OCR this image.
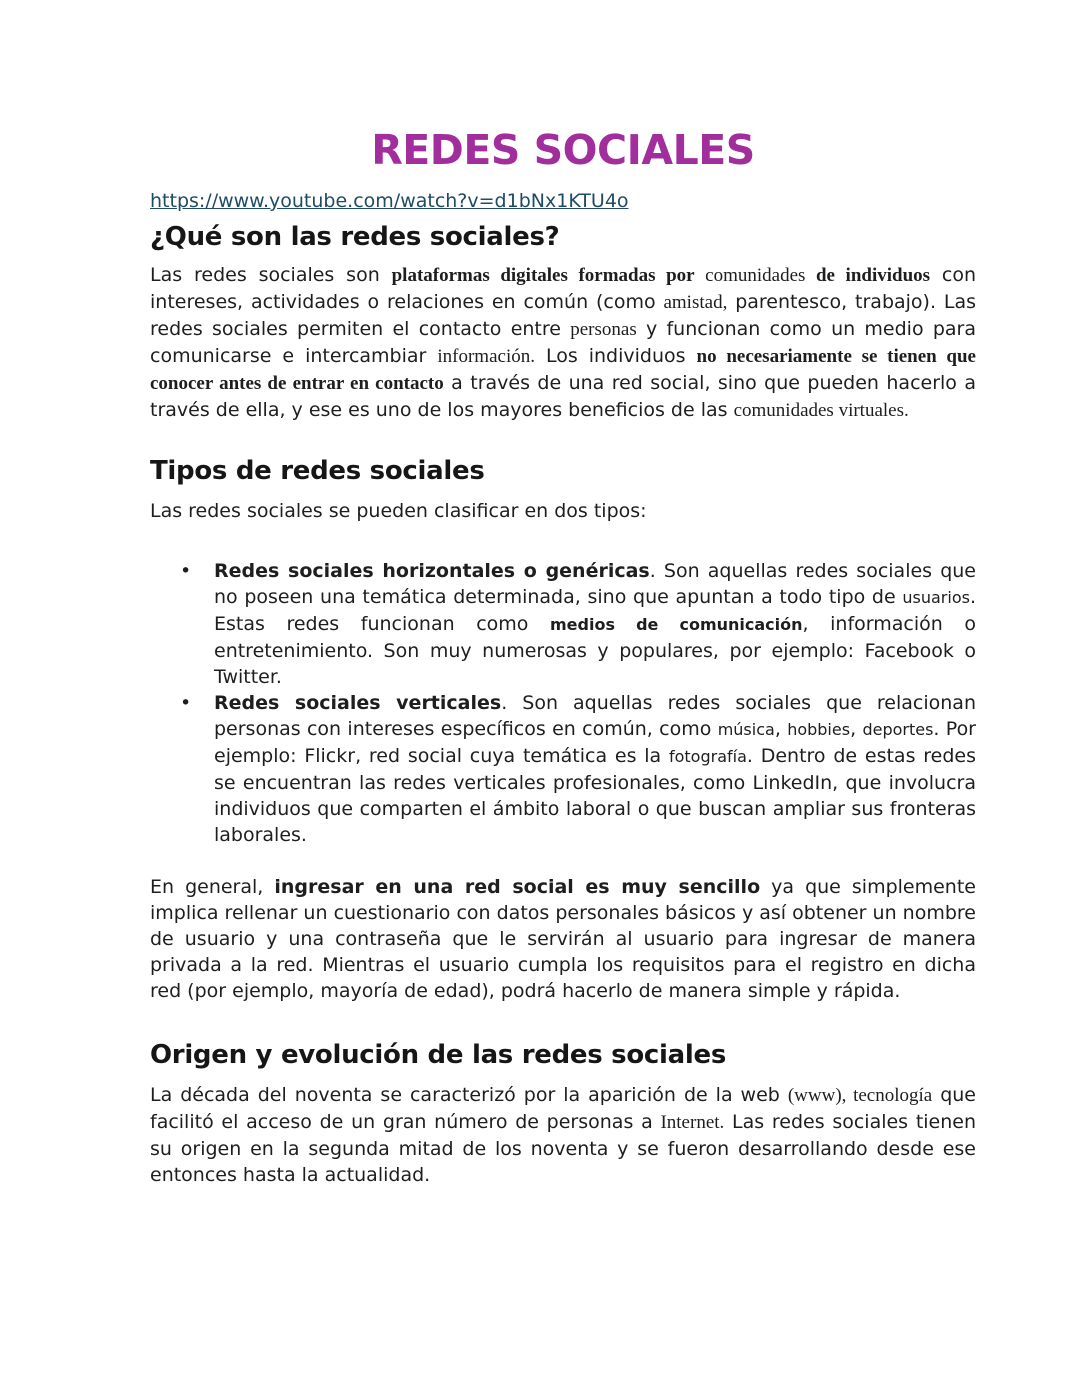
REDES SOCIALES
https://www.youtube.com/watch?v=d1bNx1KTU4o
¿Qué son las redes sociales?

Las redes sociales son plataformas digitales formadas por comunidades de individuos con intereses, actividades o relaciones en común (como amistad, parentesco, trabajo). Las redes sociales permiten el contacto entre personas y funcionan como un medio para comunicarse e intercambiar información. Los individuos no necesariamente se tienen que conocer antes de entrar en contacto a través de una red social, sino que pueden hacerlo a través de ella, y ese es uno de los mayores beneficios de las comunidades virtuales.

Tipos de redes sociales

Las redes sociales se pueden clasificar en dos tipos:

• Redes sociales horizontales o genéricas. Son aquellas redes sociales que no poseen una temática determinada, sino que apuntan a todo tipo de usuarios. Estas redes funcionan como medios de comunicación, información o entretenimiento. Son muy numerosas y populares, por ejemplo: Facebook o Twitter.
• Redes sociales verticales. Son aquellas redes sociales que relacionan personas con intereses específicos en común, como música, hobbies, deportes. Por ejemplo: Flickr, red social cuya temática es la fotografía. Dentro de estas redes se encuentran las redes verticales profesionales, como LinkedIn, que involucra individuos que comparten el ámbito laboral o que buscan ampliar sus fronteras laborales.

En general, ingresar en una red social es muy sencillo ya que simplemente implica rellenar un cuestionario con datos personales básicos y así obtener un nombre de usuario y una contraseña que le servirán al usuario para ingresar de manera privada a la red. Mientras el usuario cumpla los requisitos para el registro en dicha red (por ejemplo, mayoría de edad), podrá hacerlo de manera simple y rápida.

Origen y evolución de las redes sociales

La década del noventa se caracterizó por la aparición de la web (www), tecnología que facilitó el acceso de un gran número de personas a Internet. Las redes sociales tienen su origen en la segunda mitad de los noventa y se fueron desarrollando desde ese entonces hasta la actualidad.
